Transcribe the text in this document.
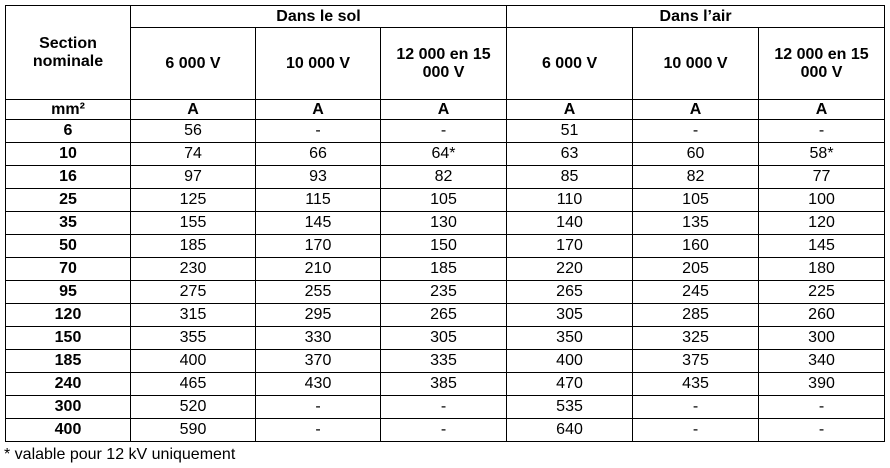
Section nominale	Dans le sol			Dans l’air		
	6 000 V	10 000 V	12 000 en 15 000 V	6 000 V	10 000 V	12 000 en 15 000 V
mm²	A	A	A	A	A	A
6	56	-	-	51	-	-
10	74	66	64*	63	60	58*
16	97	93	82	85	82	77
25	125	115	105	110	105	100
35	155	145	130	140	135	120
50	185	170	150	170	160	145
70	230	210	185	220	205	180
95	275	255	235	265	245	225
120	315	295	265	305	285	260
150	355	330	305	350	325	300
185	400	370	335	400	375	340
240	465	430	385	470	435	390
300	520	-	-	535	-	-
400	590	-	-	640	-	-
* valable pour 12 kV uniquement
